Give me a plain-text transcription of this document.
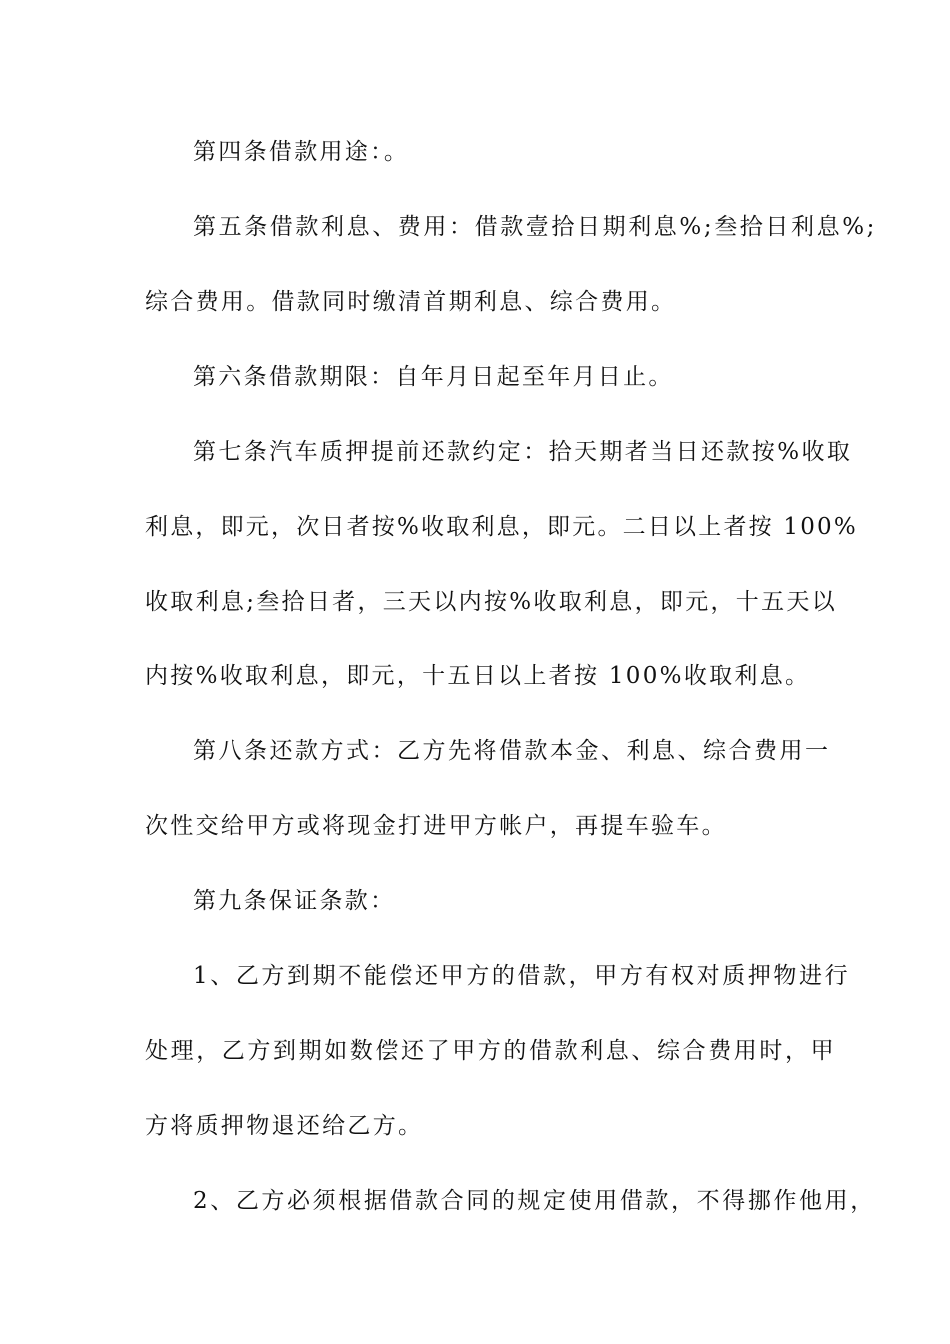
第四条借款用途：。
第五条借款利息、费用：借款壹拾日期利息%;叁拾日利息%;
综合费用。借款同时缴清首期利息、综合费用。
第六条借款期限：自年月日起至年月日止。
第七条汽车质押提前还款约定：拾天期者当日还款按%收取
利息，即元，次日者按%收取利息，即元。二日以上者按 100%
收取利息;叁拾日者，三天以内按%收取利息，即元，十五天以
内按%收取利息，即元，十五日以上者按 100%收取利息。
第八条还款方式：乙方先将借款本金、利息、综合费用一
次性交给甲方或将现金打进甲方帐户，再提车验车。
第九条保证条款：
1、乙方到期不能偿还甲方的借款，甲方有权对质押物进行
处理，乙方到期如数偿还了甲方的借款利息、综合费用时，甲
方将质押物退还给乙方。
2、乙方必须根据借款合同的规定使用借款，不得挪作他用，
